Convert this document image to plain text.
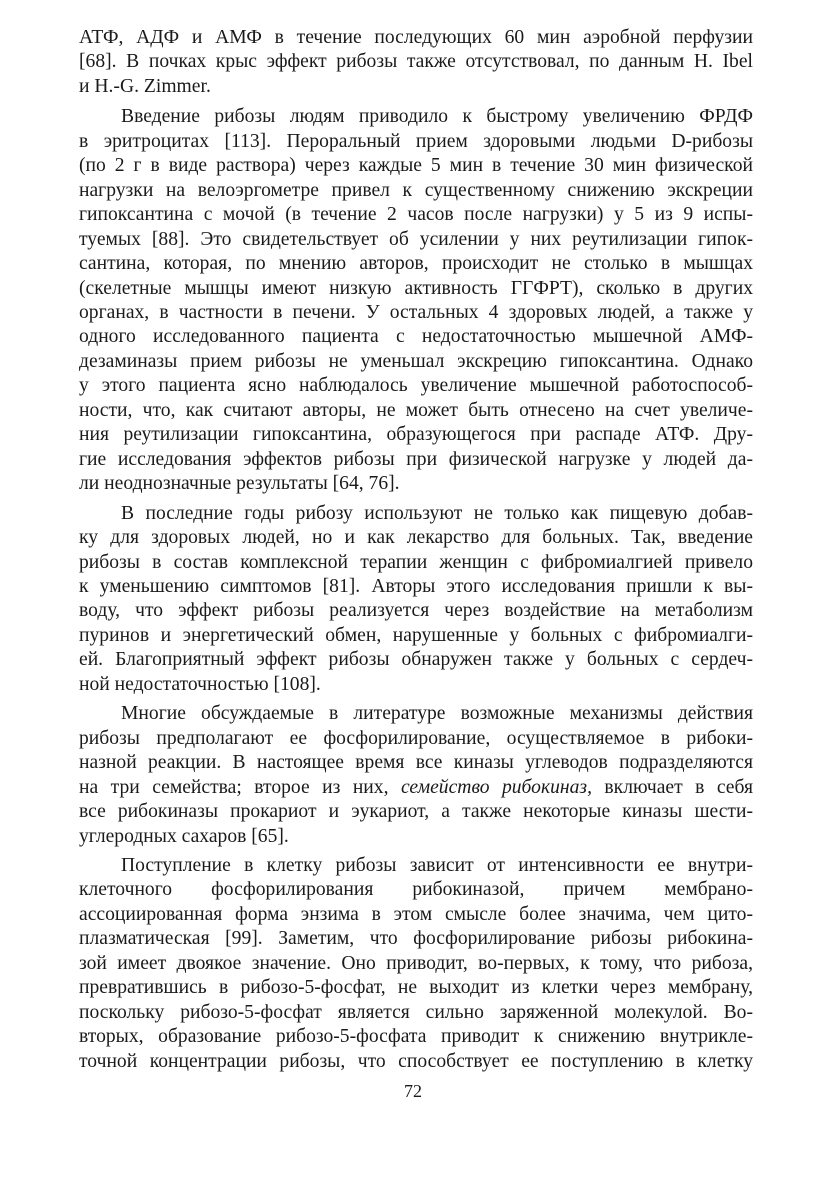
АТФ, АДФ и АМФ в течение последующих 60 мин аэробной перфузии
[68]. В почках крыс эффект рибозы также отсутствовал, по данным H. Ibel
и H.-G. Zimmer.

Введение рибозы людям приводило к быстрому увеличению ФРДФ
в эритроцитах [113]. Пероральный прием здоровыми людьми D-рибозы
(по 2 г в виде раствора) через каждые 5 мин в течение 30 мин физической
нагрузки на велоэргометре привел к существенному снижению экскреции
гипоксантина с мочой (в течение 2 часов после нагрузки) у 5 из 9 испы-
туемых [88]. Это свидетельствует об усилении у них реутилизации гипок-
сантина, которая, по мнению авторов, происходит не столько в мышцах
(скелетные мышцы имеют низкую активность ГГФРТ), сколько в других
органах, в частности в печени. У остальных 4 здоровых людей, а также у
одного исследованного пациента с недостаточностью мышечной АМФ-
дезаминазы прием рибозы не уменьшал экскрецию гипоксантина. Однако
у этого пациента ясно наблюдалось увеличение мышечной работоспособ-
ности, что, как считают авторы, не может быть отнесено на счет увеличе-
ния реутилизации гипоксантина, образующегося при распаде АТФ. Дру-
гие исследования эффектов рибозы при физической нагрузке у людей да-
ли неоднозначные результаты [64, 76].

В последние годы рибозу используют не только как пищевую добав-
ку для здоровых людей, но и как лекарство для больных. Так, введение
рибозы в состав комплексной терапии женщин с фибромиалгией привело
к уменьшению симптомов [81]. Авторы этого исследования пришли к вы-
воду, что эффект рибозы реализуется через воздействие на метаболизм
пуринов и энергетический обмен, нарушенные у больных с фибромиалги-
ей. Благоприятный эффект рибозы обнаружен также у больных с сердеч-
ной недостаточностью [108].

Многие обсуждаемые в литературе возможные механизмы действия
рибозы предполагают ее фосфорилирование, осуществляемое в рибоки-
назной реакции. В настоящее время все киназы углеводов подразделяются
на три семейства; второе из них, семейство рибокиназ, включает в себя
все рибокиназы прокариот и эукариот, а также некоторые киназы шести-
углеродных сахаров [65].

Поступление в клетку рибозы зависит от интенсивности ее внутри-
клеточного фосфорилирования рибокиназой, причем мембрано-
ассоциированная форма энзима в этом смысле более значима, чем цито-
плазматическая [99]. Заметим, что фосфорилирование рибозы рибокина-
зой имеет двоякое значение. Оно приводит, во-первых, к тому, что рибоза,
превратившись в рибозо-5-фосфат, не выходит из клетки через мембрану,
поскольку рибозо-5-фосфат является сильно заряженной молекулой. Во-
вторых, образование рибозо-5-фосфата приводит к снижению внутрикле-
точной концентрации рибозы, что способствует ее поступлению в клетку

72
